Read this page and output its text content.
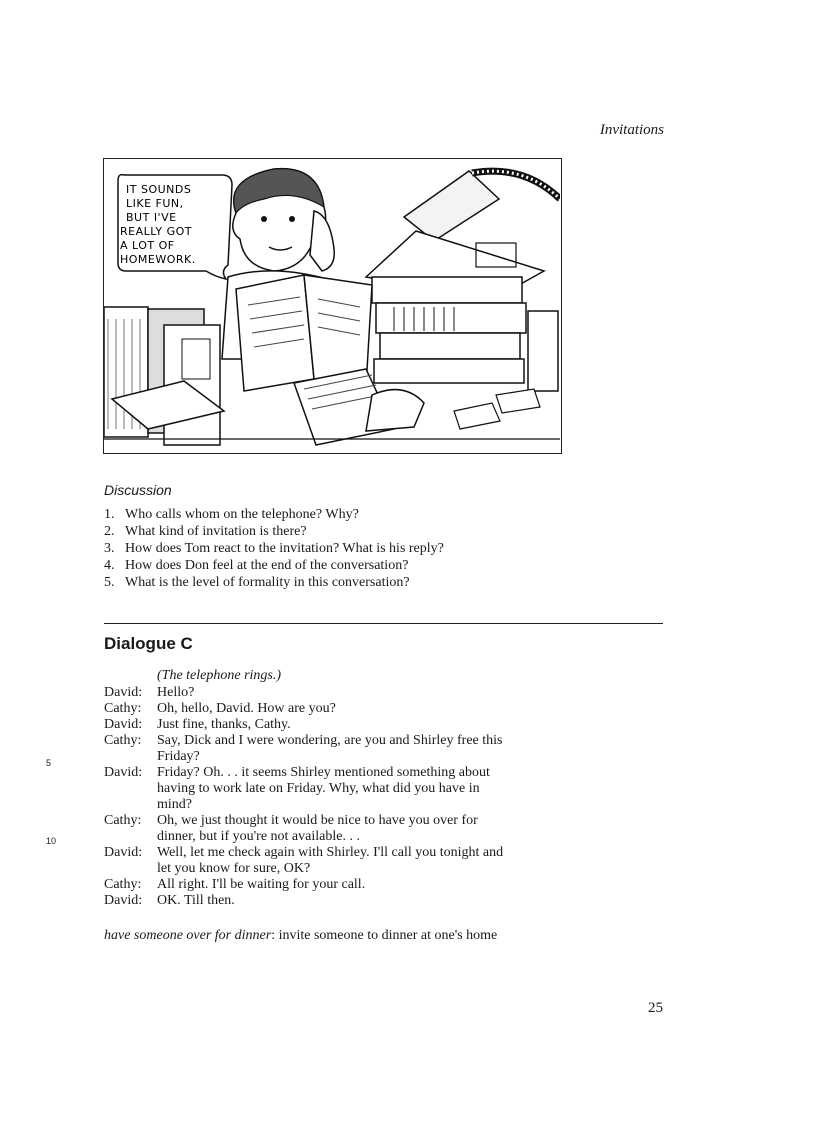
Invitations
IT SOUNDS
LIKE FUN,
BUT I'VE
REALLY GOT
A LOT OF
HOMEWORK.
Discussion
1. Who calls whom on the telephone? Why?
2. What kind of invitation is there?
3. How does Tom react to the invitation? What is his reply?
4. How does Don feel at the end of the conversation?
5. What is the level of formality in this conversation?
Dialogue C
(The telephone rings.)
David:	Hello?
Cathy:	Oh, hello, David. How are you?
David:	Just fine, thanks, Cathy.
5
Cathy:	Say, Dick and I were wondering, are you and Shirley free this
Friday?
David:	Friday? Oh. . . it seems Shirley mentioned something about
having to work late on Friday. Why, what did you have in
mind?
10
Cathy:	Oh, we just thought it would be nice to have you over for
dinner, but if you're not available. . .
David:	Well, let me check again with Shirley. I'll call you tonight and
let you know for sure, OK?
Cathy:	All right. I'll be waiting for your call.
David:	OK. Till then.
have someone over for dinner: invite someone to dinner at one's home
25
